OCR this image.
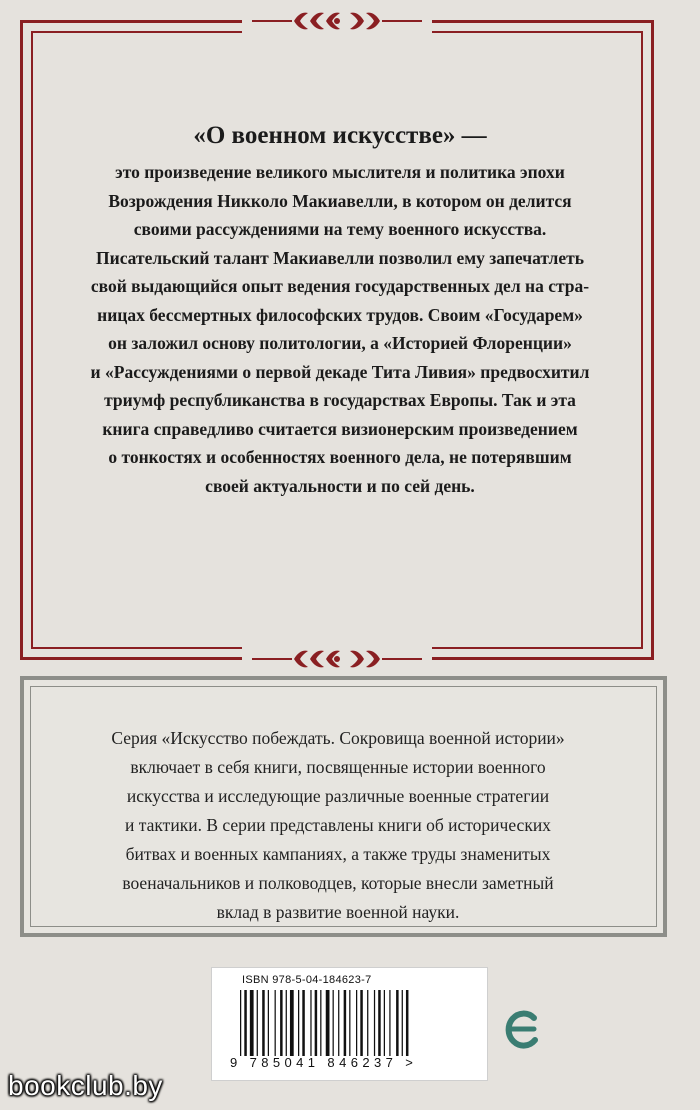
«О военном искусстве» —

это произведение великого мыслителя и политика эпохи
Возрождения Никколо Макиавелли, в котором он делится
своими рассуждениями на тему военного искусства.
Писательский талант Макиавелли позволил ему запечатлеть
свой выдающийся опыт ведения государственных дел на стра-
ницах бессмертных философских трудов. Своим «Государем»
он заложил основу политологии, а «Историей Флоренции»
и «Рассуждениями о первой декаде Тита Ливия» предвосхитил
триумф республиканства в государствах Европы. Так и эта
книга справедливо считается визионерским произведением
о тонкостях и особенностях военного дела, не потерявшим
своей актуальности и по сей день.
Серия «Искусство побеждать. Сокровища военной истории»
включает в себя книги, посвященные истории военного
искусства и исследующие различные военные стратегии
и тактики. В серии представлены книги об исторических
битвах и военных кампаниях, а также труды знаменитых
военачальников и полководцев, которые внесли заметный
вклад в развитие военной науки.
ISBN 978-5-04-184623-7
9 785041 846237 >
bookclub.by
